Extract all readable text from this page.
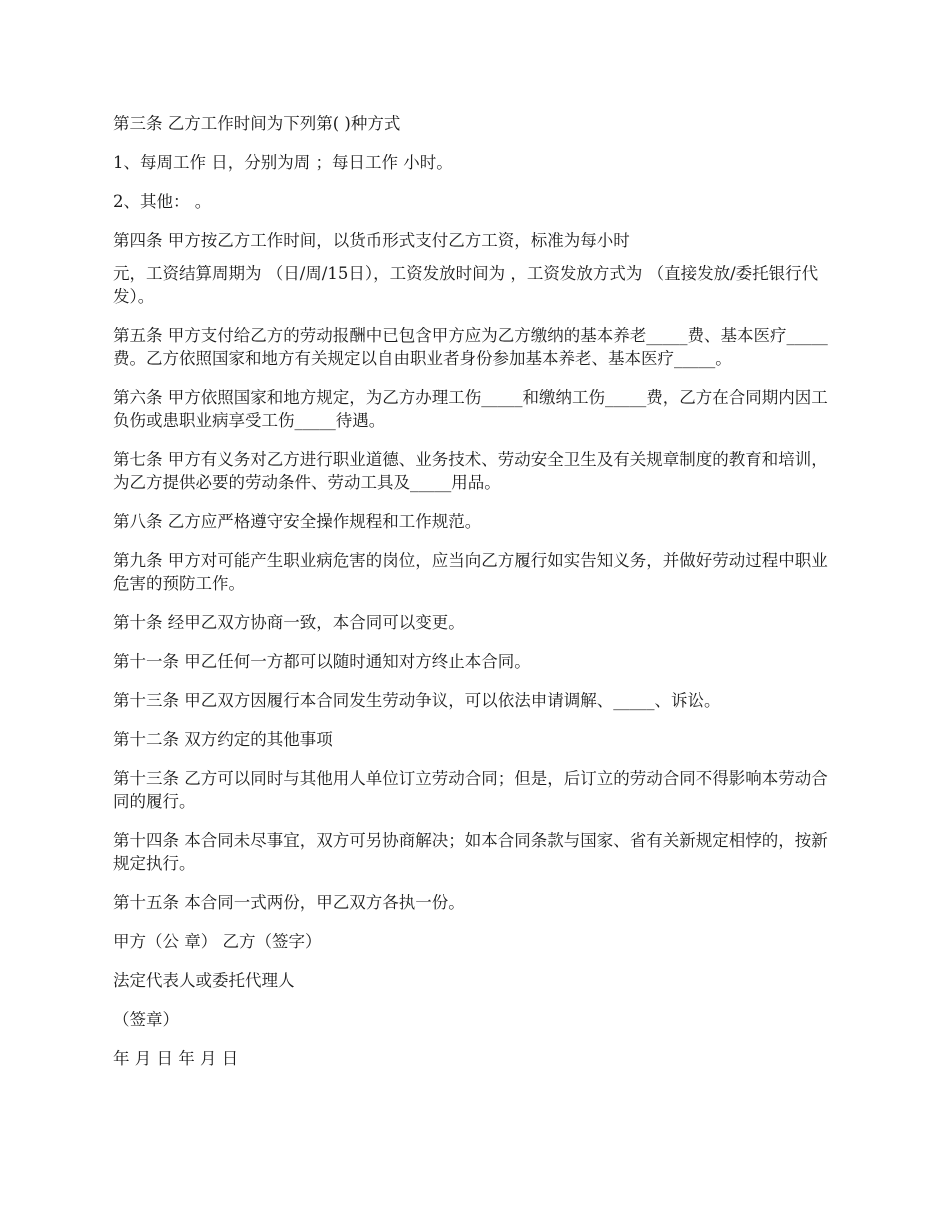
第三条 乙方工作时间为下列第( )种方式

1、每周工作 日，分别为周 ；每日工作 小时。

2、其他： 。

第四条 甲方按乙方工作时间，以货币形式支付乙方工资，标准为每小时

元，工资结算周期为 （日/周/15日），工资发放时间为 ，工资发放方式为 （直接发放/委托银行代发）。

第五条 甲方支付给乙方的劳动报酬中已包含甲方应为乙方缴纳的基本养老_____费、基本医疗_____费。乙方依照国家和地方有关规定以自由职业者身份参加基本养老、基本医疗_____。

第六条 甲方依照国家和地方规定，为乙方办理工伤_____和缴纳工伤_____费，乙方在合同期内因工负伤或患职业病享受工伤_____待遇。

第七条 甲方有义务对乙方进行职业道德、业务技术、劳动安全卫生及有关规章制度的教育和培训，为乙方提供必要的劳动条件、劳动工具及_____用品。

第八条 乙方应严格遵守安全操作规程和工作规范。

第九条 甲方对可能产生职业病危害的岗位，应当向乙方履行如实告知义务，并做好劳动过程中职业危害的预防工作。

第十条 经甲乙双方协商一致，本合同可以变更。

第十一条 甲乙任何一方都可以随时通知对方终止本合同。

第十三条 甲乙双方因履行本合同发生劳动争议，可以依法申请调解、_____、诉讼。

第十二条 双方约定的其他事项

第十三条 乙方可以同时与其他用人单位订立劳动合同；但是，后订立的劳动合同不得影响本劳动合同的履行。

第十四条 本合同未尽事宜，双方可另协商解决；如本合同条款与国家、省有关新规定相悖的，按新规定执行。

第十五条 本合同一式两份，甲乙双方各执一份。

甲方（公 章） 乙方（签字）

法定代表人或委托代理人

（签章）

年 月 日 年 月 日
